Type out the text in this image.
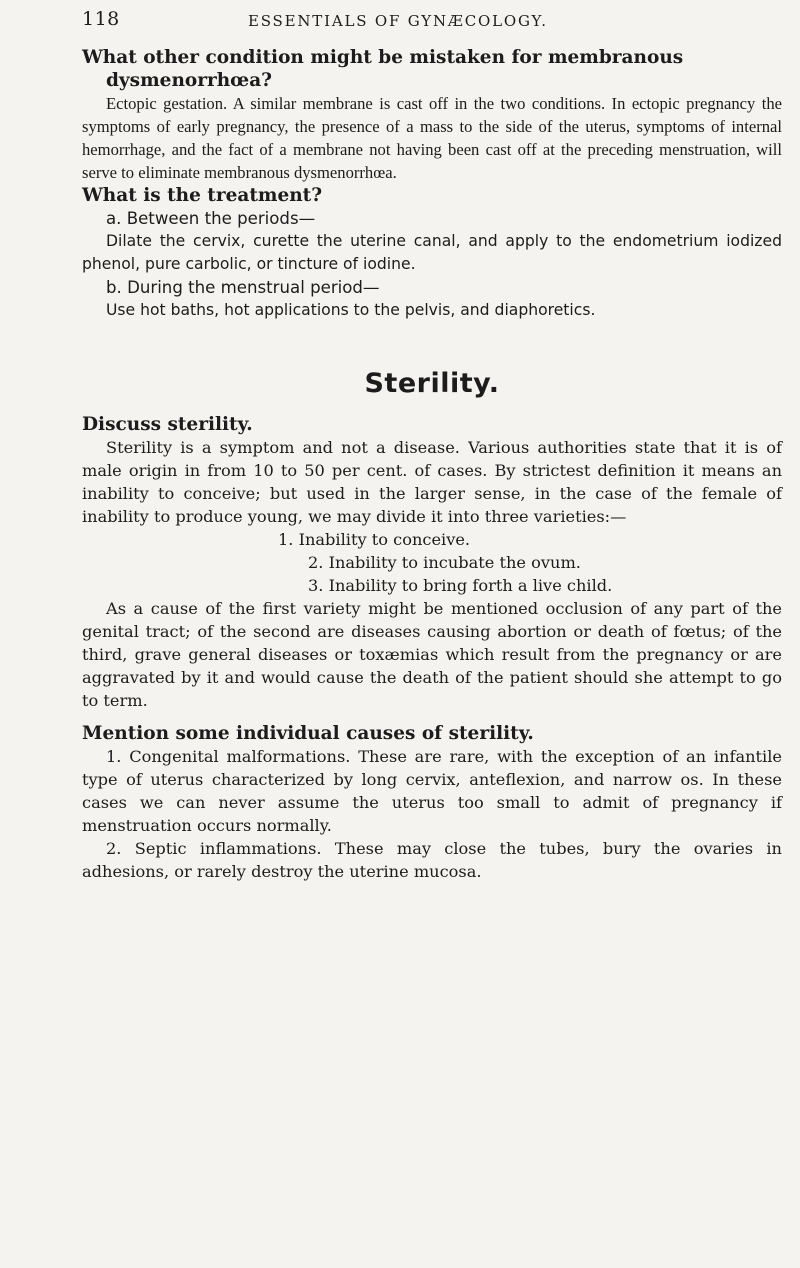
118	ESSENTIALS OF GYNÆCOLOGY.

What other condition might be mistaken for membranous
dysmenorrhœa?

Ectopic gestation. A similar membrane is cast off in the two conditions. In ectopic pregnancy the symptoms of early pregnancy, the presence of a mass to the side of the uterus, symptoms of internal hemorrhage, and the fact of a membrane not having been cast off at the preceding menstruation, will serve to eliminate membranous dysmenorrhœa.

What is the treatment?

a. Between the periods—

Dilate the cervix, curette the uterine canal, and apply to the endometrium iodized phenol, pure carbolic, or tincture of iodine.

b. During the menstrual period—

Use hot baths, hot applications to the pelvis, and diaphoretics.

Sterility.

Discuss sterility.

Sterility is a symptom and not a disease. Various authorities state that it is of male origin in from 10 to 50 per cent. of cases. By strictest definition it means an inability to conceive; but used in the larger sense, in the case of the female of inability to produce young, we may divide it into three varieties:—

1. Inability to conceive.

2. Inability to incubate the ovum.

3. Inability to bring forth a live child.

As a cause of the first variety might be mentioned occlusion of any part of the genital tract; of the second are diseases causing abortion or death of fœtus; of the third, grave general diseases or toxæmias which result from the pregnancy or are aggravated by it and would cause the death of the patient should she attempt to go to term.

Mention some individual causes of sterility.

1. Congenital malformations. These are rare, with the exception of an infantile type of uterus characterized by long cervix, anteflexion, and narrow os. In these cases we can never assume the uterus too small to admit of pregnancy if menstruation occurs normally.

2. Septic inflammations. These may close the tubes, bury the ovaries in adhesions, or rarely destroy the uterine mucosa.
